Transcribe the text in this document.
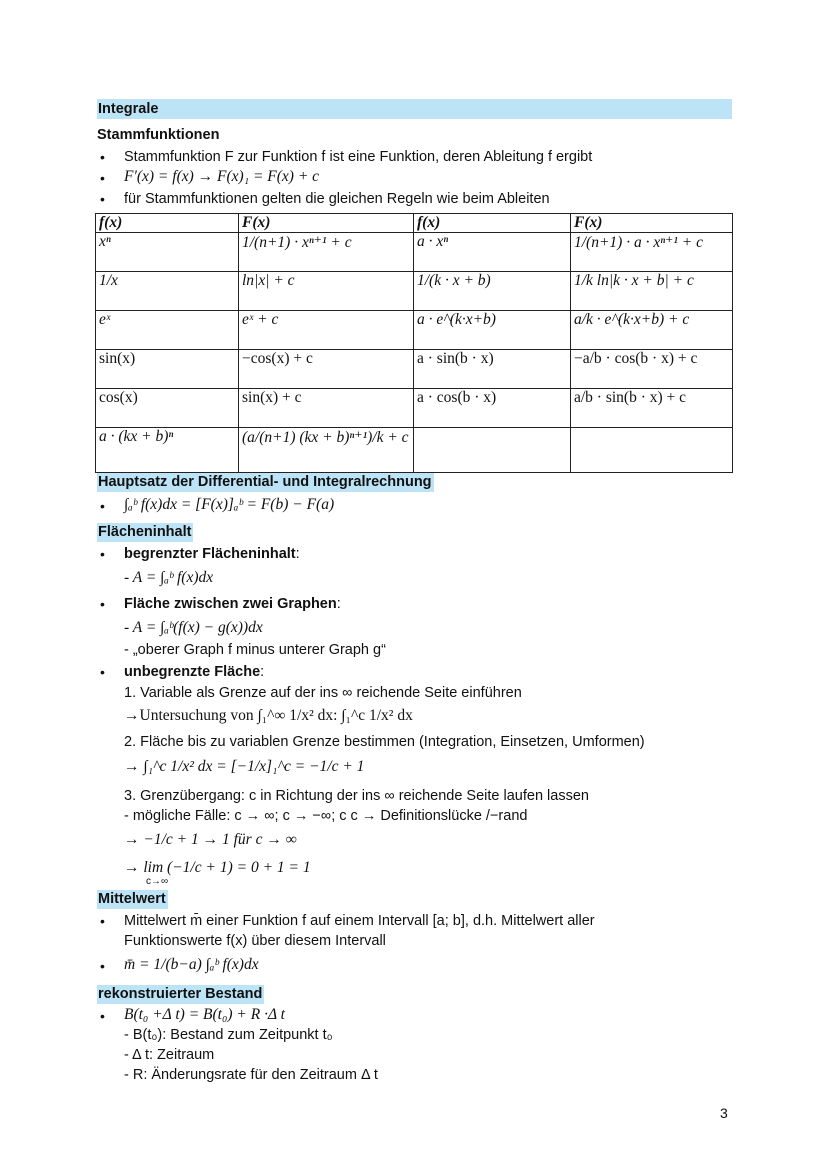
Integrale
Stammfunktionen
• Stammfunktion F zur Funktion f ist eine Funktion, deren Ableitung f ergibt
• F′(x) = f(x) → F(x)₁ = F(x) + c
• für Stammfunktionen gelten die gleichen Regeln wie beim Ableiten
f(x)	F(x)	f(x)	F(x)
xⁿ	1/(n+1) · xⁿ⁺¹ + c	a · xⁿ	1/(n+1) · a · xⁿ⁺¹ + c
1/x	ln|x| + c	1/(k · x + b)	1/k ln|k · x + b| + c
eˣ	eˣ + c	a · e^(k·x+b)	a/k · e^(k·x+b) + c
sin(x)	−cos(x) + c	a · sin(b · x)	−a/b · cos(b · x) + c
cos(x)	sin(x) + c	a · cos(b · x)	a/b · sin(b · x) + c
a · (kx + b)ⁿ	(a/(n+1) (kx + b)ⁿ⁺¹)/k + c		
Hauptsatz der Differential- und Integralrechnung
• ∫ₐᵇ f(x)dx = [F(x)]ₐᵇ = F(b) − F(a)
Flächeninhalt
• begrenzter Flächeninhalt:
- A = ∫ₐᵇ f(x)dx
• Fläche zwischen zwei Graphen:
- A = ∫ₐᵇ(f(x) − g(x))dx
- „oberer Graph f minus unterer Graph g“
• unbegrenzte Fläche:
1. Variable als Grenze auf der ins ∞ reichende Seite einführen
→Untersuchung von ∫₁^∞ 1/x² dx: ∫₁^c 1/x² dx
2. Fläche bis zu variablen Grenze bestimmen (Integration, Einsetzen, Umformen)
→ ∫₁^c 1/x² dx = [−1/x]₁^c = −1/c + 1
3. Grenzübergang: c in Richtung der ins ∞ reichende Seite laufen lassen
- mögliche Fälle: c → ∞; c → −∞; c c → Definitionslücke /−rand
→ −1/c + 1 → 1 für c → ∞
→ lim (−1/c + 1) = 0 + 1 = 1
c→∞
Mittelwert
• Mittelwert m̄ einer Funktion f auf einem Intervall [a; b], d.h. Mittelwert aller
Funktionswerte f(x) über diesem Intervall
• m̄ = 1/(b−a) ∫ₐᵇ f(x)dx
rekonstruierter Bestand
• B(t₀ +Δ t) = B(t₀) + R ·Δ t
- B(t₀): Bestand zum Zeitpunkt t₀
- Δ t: Zeitraum
- R: Änderungsrate für den Zeitraum Δ t
3
